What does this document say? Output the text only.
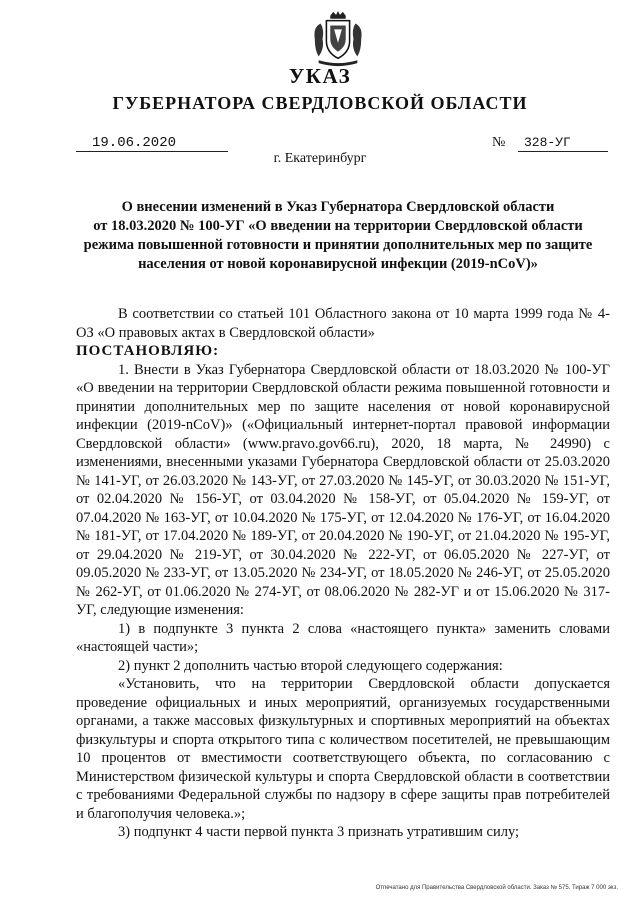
УКАЗ
ГУБЕРНАТОРА СВЕРДЛОВСКОЙ ОБЛАСТИ
19.06.2020	№	328-УГ
г. Екатеринбург
О внесении изменений в Указ Губернатора Свердловской области
от 18.03.2020 № 100-УГ «О введении на территории Свердловской области
режима повышенной готовности и принятии дополнительных мер по защите
населения от новой коронавирусной инфекции (2019-nCoV)»

В соответствии со статьей 101 Областного закона от 10 марта 1999 года № 4-ОЗ «О правовых актах в Свердловской области»

ПОСТАНОВЛЯЮ:

1. Внести в Указ Губернатора Свердловской области от 18.03.2020 № 100-УГ «О введении на территории Свердловской области режима повышенной готовности и принятии дополнительных мер по защите населения от новой коронавирусной инфекции (2019-nCoV)» («Официальный интернет-портал правовой информации Свердловской области» (www.pravo.gov66.ru), 2020, 18 марта, № 24990) с изменениями, внесенными указами Губернатора Свердловской области от 25.03.2020 № 141-УГ, от 26.03.2020 № 143-УГ, от 27.03.2020 № 145-УГ, от 30.03.2020 № 151-УГ, от 02.04.2020 № 156-УГ, от 03.04.2020 № 158-УГ, от 05.04.2020 № 159-УГ, от 07.04.2020 № 163-УГ, от 10.04.2020 № 175-УГ, от 12.04.2020 № 176-УГ, от 16.04.2020 № 181-УГ, от 17.04.2020 № 189-УГ, от 20.04.2020 № 190-УГ, от 21.04.2020 № 195-УГ, от 29.04.2020 № 219-УГ, от 30.04.2020 № 222-УГ, от 06.05.2020 № 227-УГ, от 09.05.2020 № 233-УГ, от 13.05.2020 № 234-УГ, от 18.05.2020 № 246-УГ, от 25.05.2020 № 262-УГ, от 01.06.2020 № 274-УГ, от 08.06.2020 № 282-УГ и от 15.06.2020 № 317-УГ, следующие изменения:

1) в подпункте 3 пункта 2 слова «настоящего пункта» заменить словами «настоящей части»;

2) пункт 2 дополнить частью второй следующего содержания:

«Установить, что на территории Свердловской области допускается проведение официальных и иных мероприятий, организуемых государственными органами, а также массовых физкультурных и спортивных мероприятий на объектах физкультуры и спорта открытого типа с количеством посетителей, не превышающим 10 процентов от вместимости соответствующего объекта, по согласованию с Министерством физической культуры и спорта Свердловской области в соответствии с требованиями Федеральной службы по надзору в сфере защиты прав потребителей и благополучия человека.»;

3) подпункт 4 части первой пункта 3 признать утратившим силу;

Отпечатано для Правительства Свердловской области. Заказ № 575. Тираж 7 000 экз.
